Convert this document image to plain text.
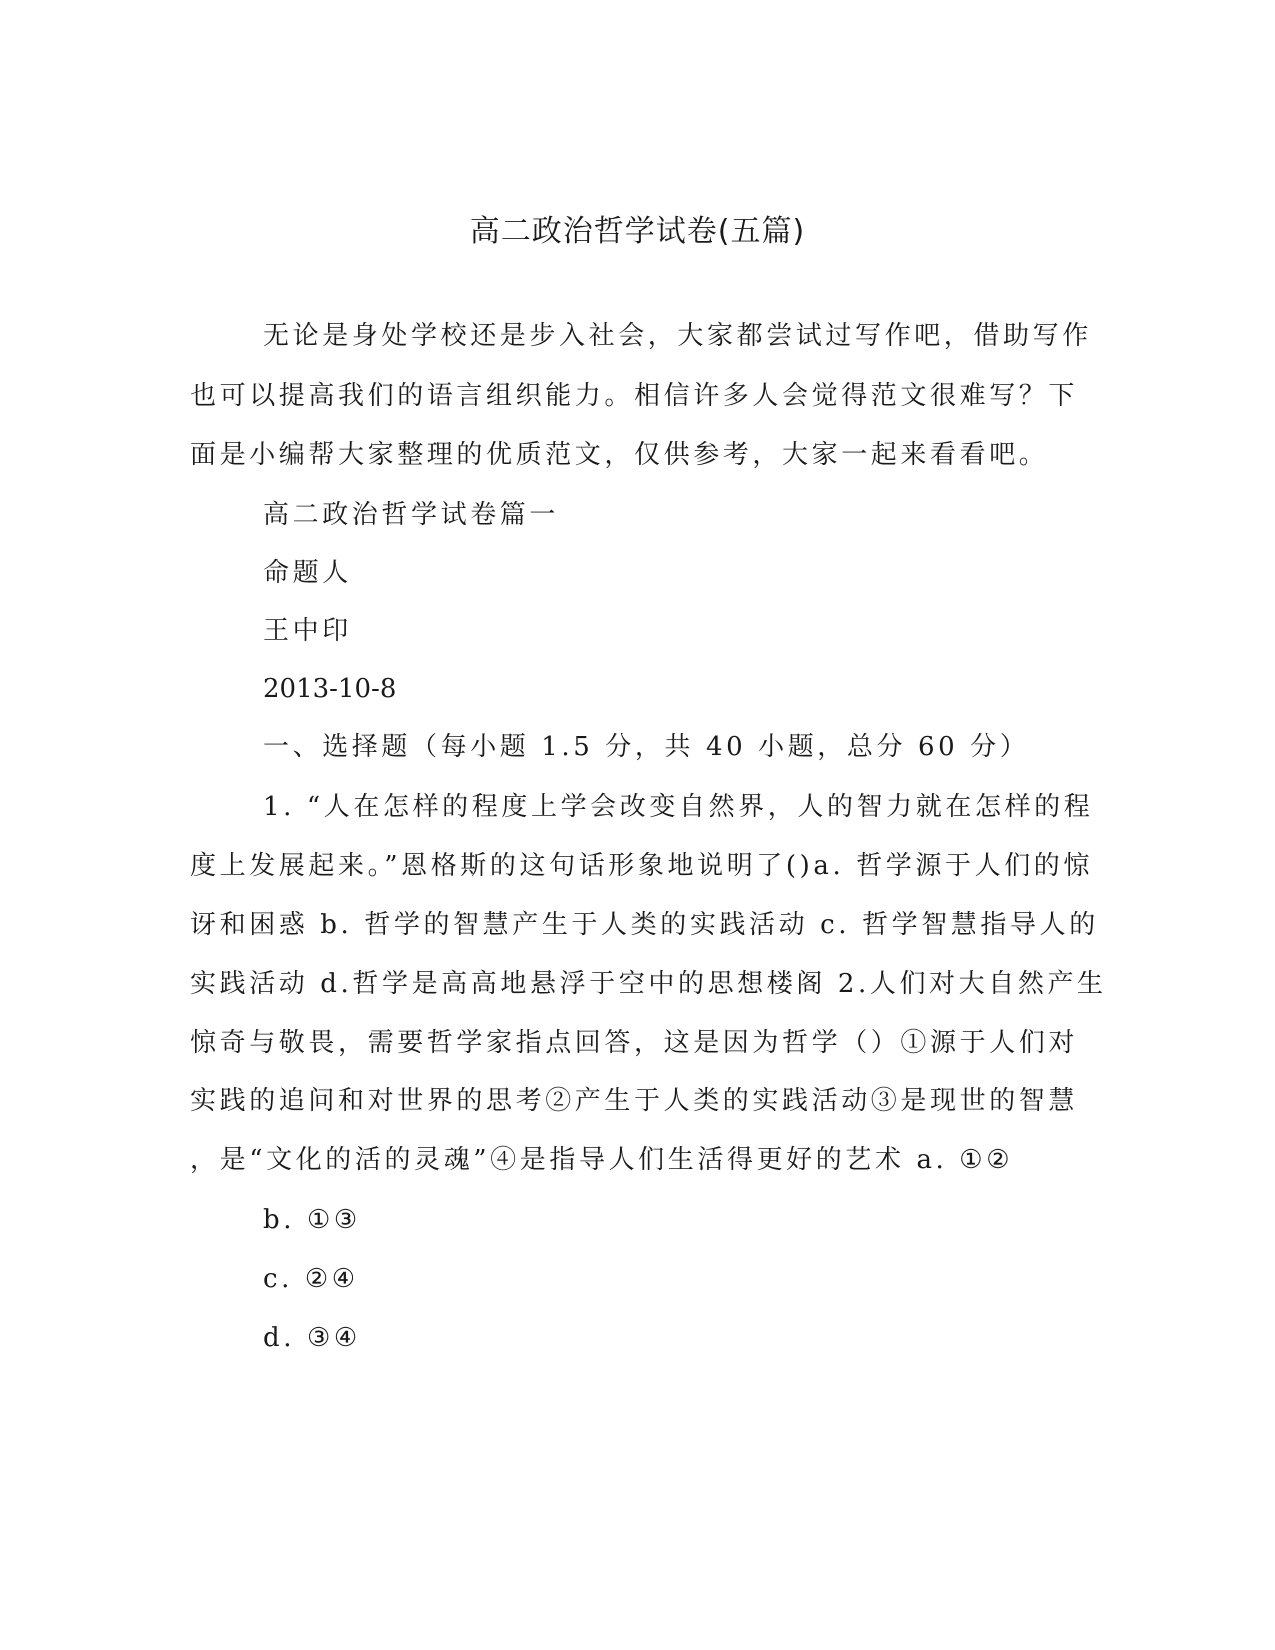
高二政治哲学试卷(五篇)
无论是身处学校还是步入社会，大家都尝试过写作吧，借助写作
也可以提高我们的语言组织能力。相信许多人会觉得范文很难写？下
面是小编帮大家整理的优质范文，仅供参考，大家一起来看看吧。
高二政治哲学试卷篇一
命题人
王中印
2013-10-8
一、选择题（每小题 1.5 分，共 40 小题，总分 60 分）
1. “人在怎样的程度上学会改变自然界，人的智力就在怎样的程
度上发展起来。”恩格斯的这句话形象地说明了()a. 哲学源于人们的惊
讶和困惑 b. 哲学的智慧产生于人类的实践活动 c. 哲学智慧指导人的
实践活动 d.哲学是高高地悬浮于空中的思想楼阁 2.人们对大自然产生
惊奇与敬畏，需要哲学家指点回答，这是因为哲学（）①源于人们对
实践的追问和对世界的思考②产生于人类的实践活动③是现世的智慧
，是“文化的活的灵魂”④是指导人们生活得更好的艺术 a. ①②
b. ①③
c. ②④
d. ③④
